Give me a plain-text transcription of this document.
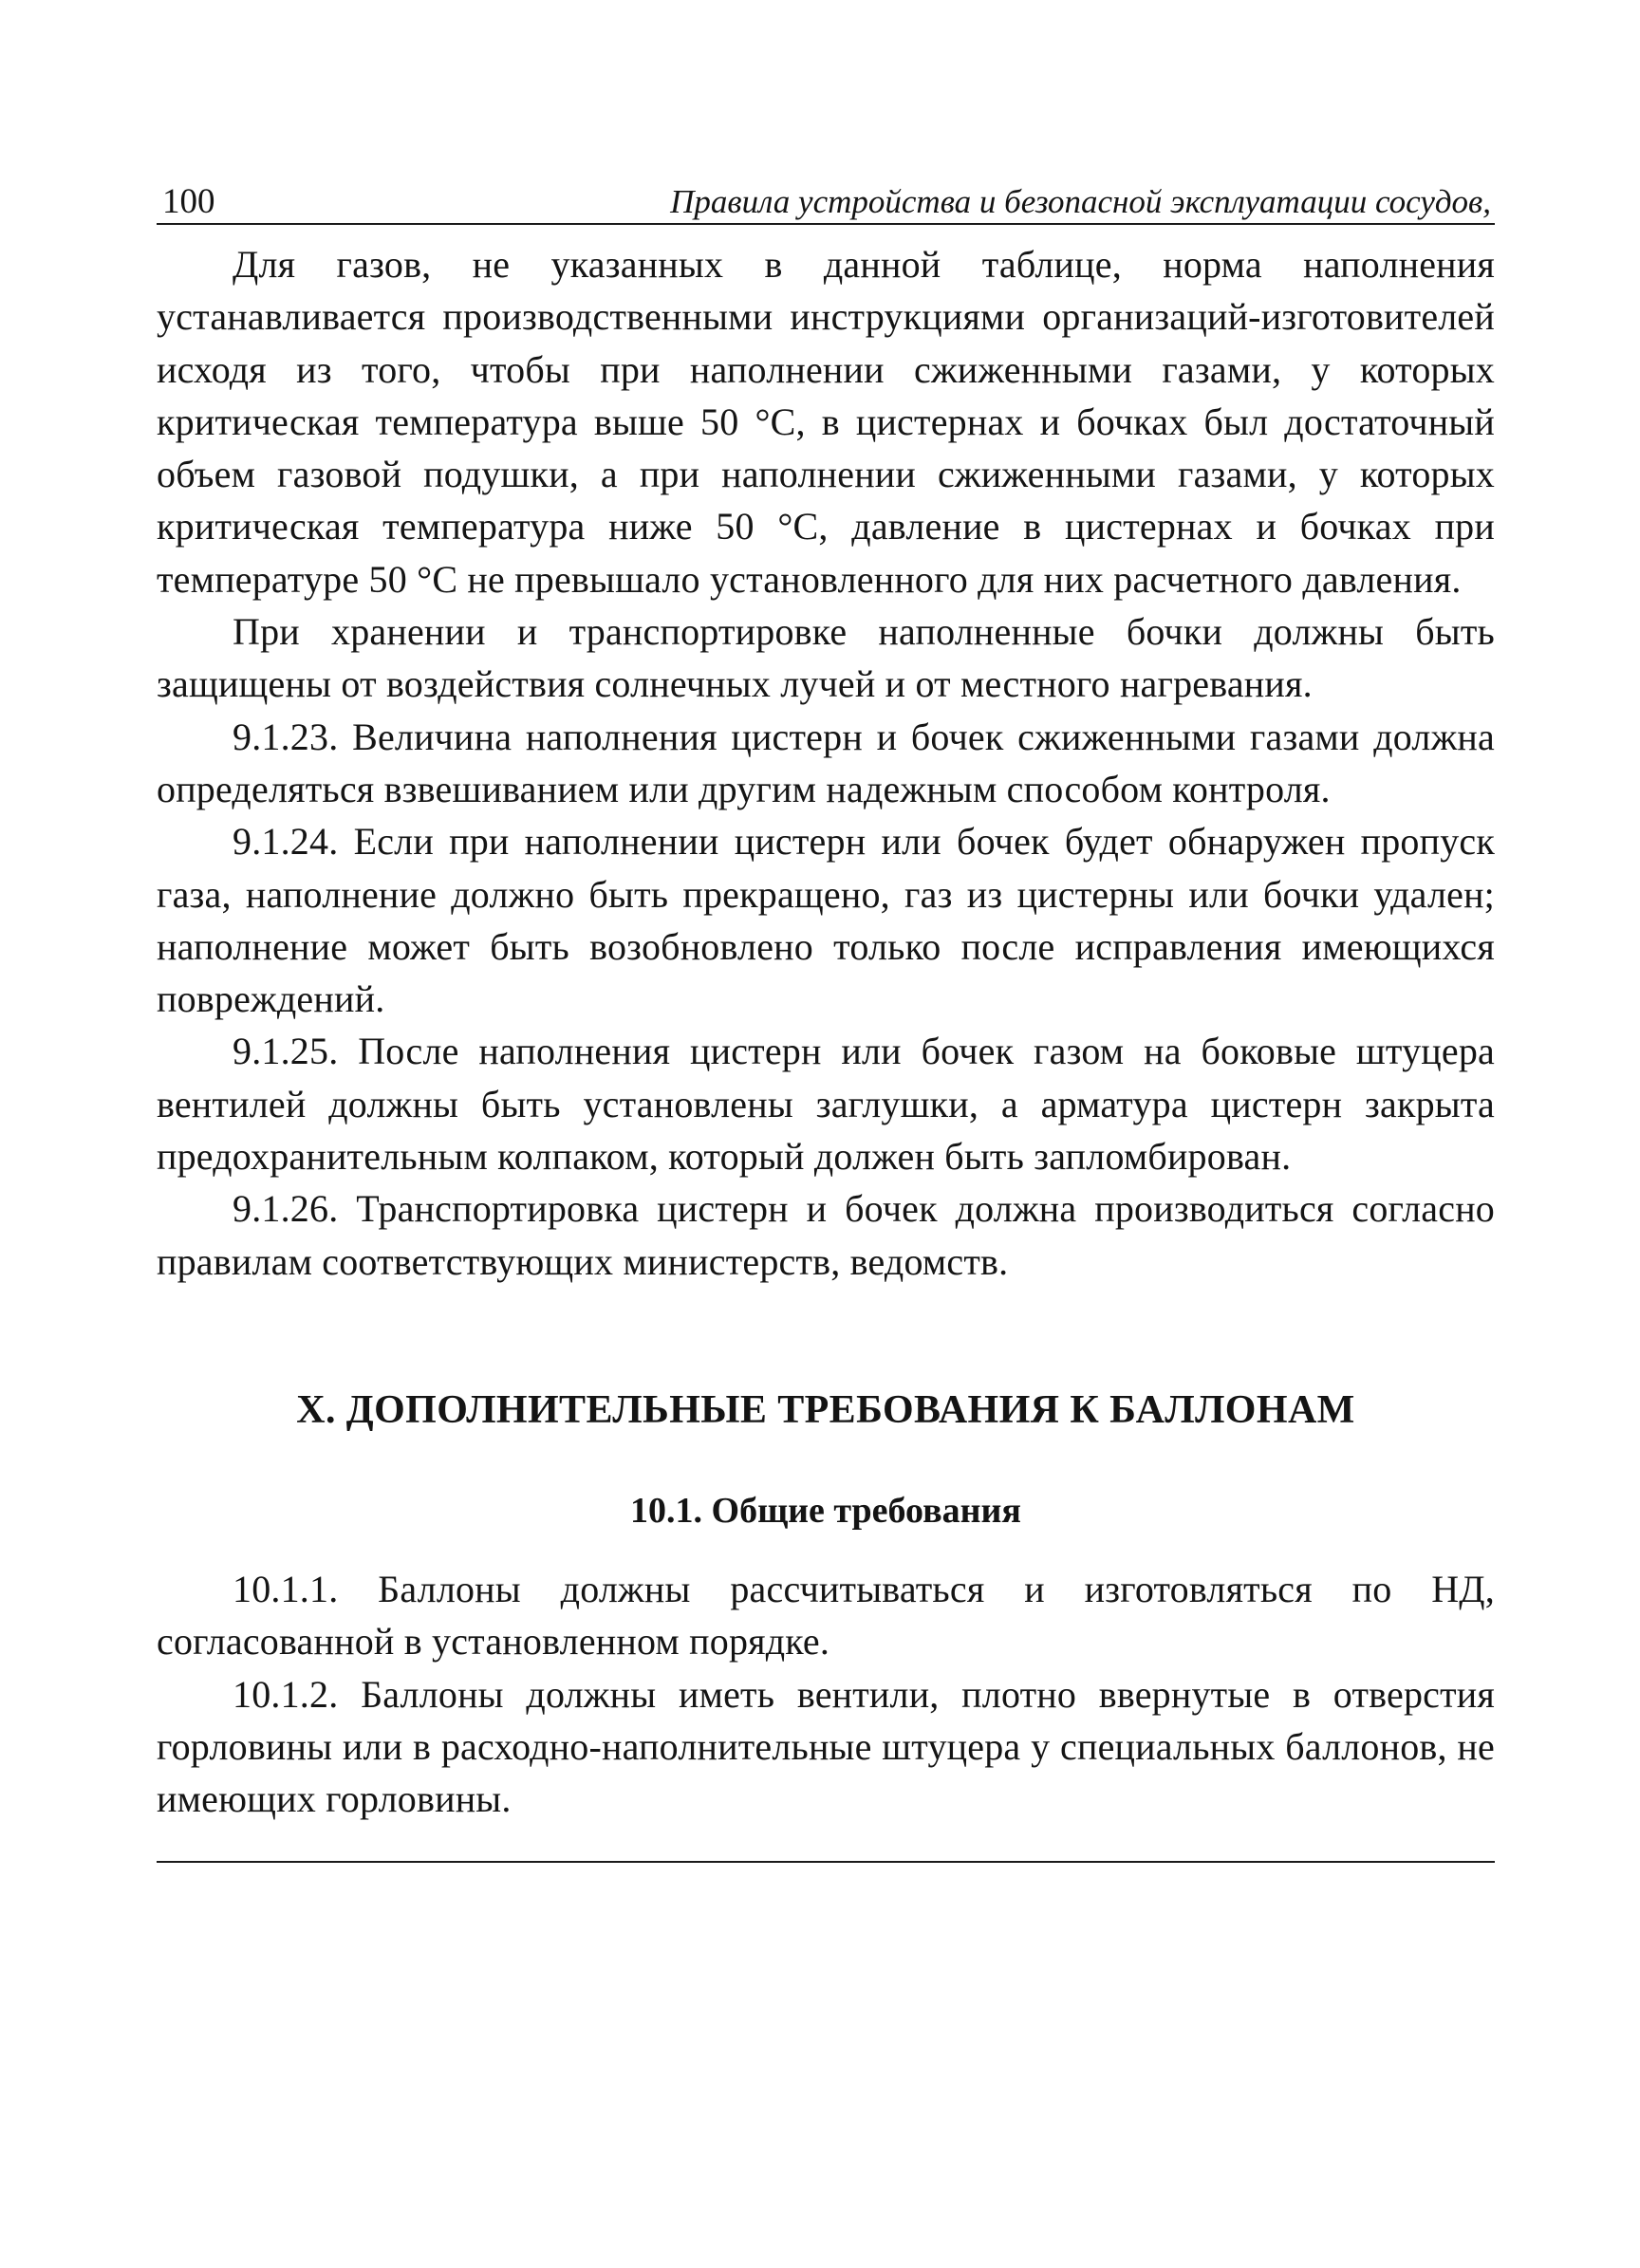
100	Правила устройства и безопасной эксплуатации сосудов,

Для газов, не указанных в данной таблице, норма наполнения устанавливается производственными инструкциями организаций-изготовителей исходя из того, чтобы при наполнении сжиженными газами, у которых критическая температура выше 50 °С, в цистернах и бочках был достаточный объем газовой подушки, а при наполнении сжиженными газами, у которых критическая температура ниже 50 °С, давление в цистернах и бочках при температуре 50 °С не превышало установленного для них расчетного давления.

При хранении и транспортировке наполненные бочки должны быть защищены от воздействия солнечных лучей и от местного нагревания.

9.1.23. Величина наполнения цистерн и бочек сжиженными газами должна определяться взвешиванием или другим надежным способом контроля.

9.1.24. Если при наполнении цистерн или бочек будет обнаружен пропуск газа, наполнение должно быть прекращено, газ из цистерны или бочки удален; наполнение может быть возобновлено только после исправления имеющихся повреждений.

9.1.25. После наполнения цистерн или бочек газом на боковые штуцера вентилей должны быть установлены заглушки, а арматура цистерн закрыта предохранительным колпаком, который должен быть запломбирован.

9.1.26. Транспортировка цистерн и бочек должна производиться согласно правилам соответствующих министерств, ведомств.

X. ДОПОЛНИТЕЛЬНЫЕ ТРЕБОВАНИЯ К БАЛЛОНАМ
10.1. Общие требования

10.1.1. Баллоны должны рассчитываться и изготовляться по НД, согласованной в установленном порядке.

10.1.2. Баллоны должны иметь вентили, плотно ввернутые в отверстия горловины или в расходно-наполнительные штуцера у специальных баллонов, не имеющих горловины.
